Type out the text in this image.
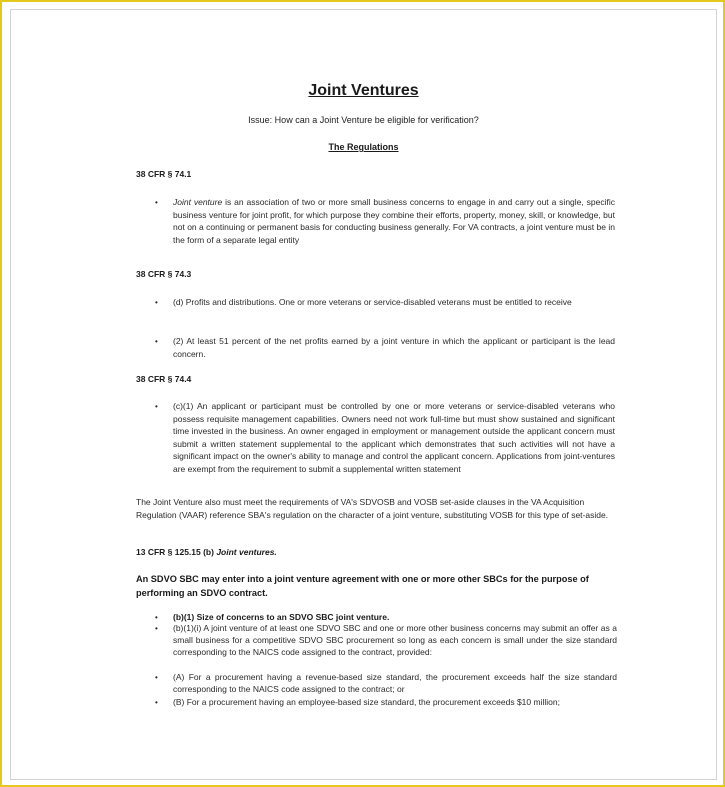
Joint Ventures

Issue: How can a Joint Venture be eligible for verification?

The Regulations

38 CFR § 74.1

• Joint venture is an association of two or more small business concerns to engage in and carry out a single, specific business venture for joint profit, for which purpose they combine their efforts, property, money, skill, or knowledge, but not on a continuing or permanent basis for conducting business generally. For VA contracts, a joint venture must be in the form of a separate legal entity

38 CFR § 74.3

• (d) Profits and distributions. One or more veterans or service-disabled veterans must be entitled to receive

• (2) At least 51 percent of the net profits earned by a joint venture in which the applicant or participant is the lead concern.

38 CFR § 74.4

• (c)(1) An applicant or participant must be controlled by one or more veterans or service-disabled veterans who possess requisite management capabilities. Owners need not work full-time but must show sustained and significant time invested in the business. An owner engaged in employment or management outside the applicant concern must submit a written statement supplemental to the applicant which demonstrates that such activities will not have a significant impact on the owner's ability to manage and control the applicant concern. Applications from joint-ventures are exempt from the requirement to submit a supplemental written statement

The Joint Venture also must meet the requirements of VA's SDVOSB and VOSB set-aside clauses in the VA Acquisition Regulation (VAAR) reference SBA's regulation on the character of a joint venture, substituting VOSB for this type of set-aside.

13 CFR § 125.15 (b) Joint ventures.

An SDVO SBC may enter into a joint venture agreement with one or more other SBCs for the purpose of performing an SDVO contract.

• (b)(1) Size of concerns to an SDVO SBC joint venture.

• (b)(1)(i) A joint venture of at least one SDVO SBC and one or more other business concerns may submit an offer as a small business for a competitive SDVO SBC procurement so long as each concern is small under the size standard corresponding to the NAICS code assigned to the contract, provided:

• (A) For a procurement having a revenue-based size standard, the procurement exceeds half the size standard corresponding to the NAICS code assigned to the contract; or

• (B) For a procurement having an employee-based size standard, the procurement exceeds $10 million;
